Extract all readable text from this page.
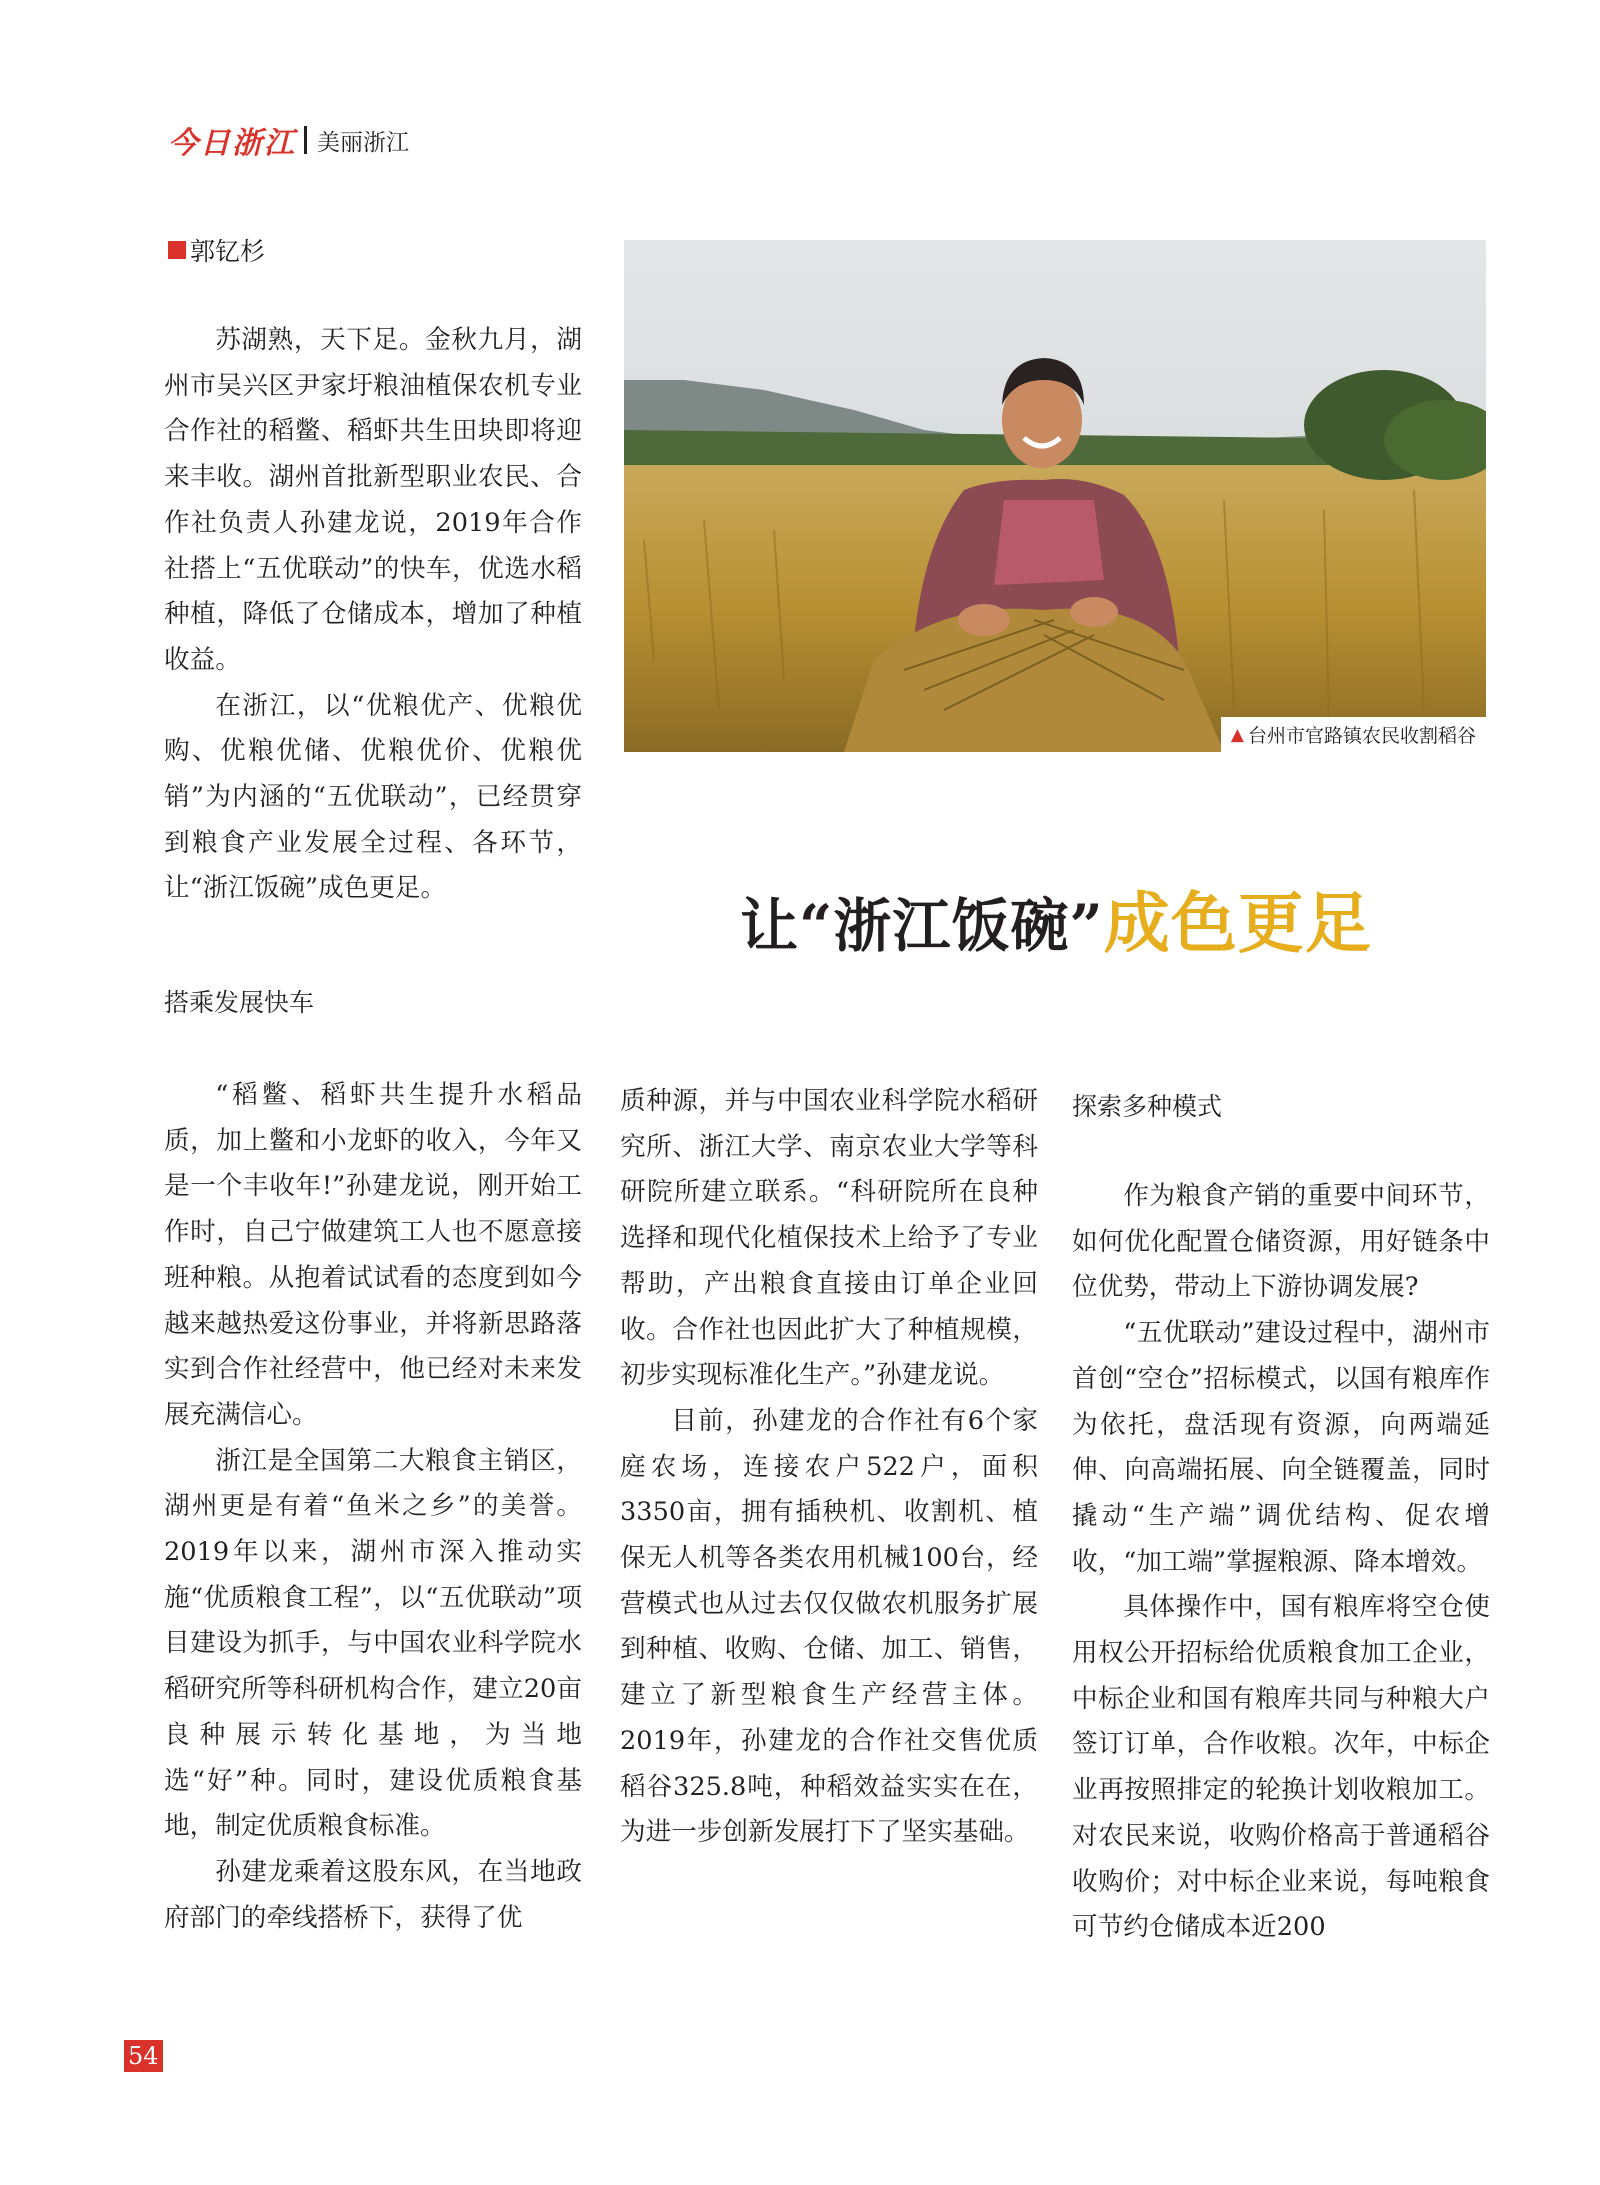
今日浙江 美丽浙江
郭钇杉
▲ 台州市官路镇农民收割稻谷
让“浙江饭碗”成色更足

苏湖熟，天下足。金秋九月，湖州市吴兴区尹家圩粮油植保农机专业合作社的稻鳖、稻虾共生田块即将迎来丰收。湖州首批新型职业农民、合作社负责人孙建龙说，2019年合作社搭上“五优联动”的快车，优选水稻种植，降低了仓储成本，增加了种植收益。

在浙江，以“优粮优产、优粮优购、优粮优储、优粮优价、优粮优销”为内涵的“五优联动”，已经贯穿到粮食产业发展全过程、各环节，让“浙江饭碗”成色更足。

搭乘发展快车

“稻鳖、稻虾共生提升水稻品质，加上鳖和小龙虾的收入，今年又是一个丰收年!”孙建龙说，刚开始工作时，自己宁做建筑工人也不愿意接班种粮。从抱着试试看的态度到如今越来越热爱这份事业，并将新思路落实到合作社经营中，他已经对未来发展充满信心。

浙江是全国第二大粮食主销区，湖州更是有着“鱼米之乡”的美誉。2019年以来，湖州市深入推动实施“优质粮食工程”，以“五优联动”项目建设为抓手，与中国农业科学院水稻研究所等科研机构合作，建立20亩良种展示转化基地，为当地选“好”种。同时，建设优质粮食基地，制定优质粮食标准。

孙建龙乘着这股东风，在当地政府部门的牵线搭桥下，获得了优

质种源，并与中国农业科学院水稻研究所、浙江大学、南京农业大学等科研院所建立联系。“科研院所在良种选择和现代化植保技术上给予了专业帮助，产出粮食直接由订单企业回收。合作社也因此扩大了种植规模，初步实现标准化生产。”孙建龙说。

目前，孙建龙的合作社有6个家庭农场，连接农户522户，面积3350亩，拥有插秧机、收割机、植保无人机等各类农用机械100台，经营模式也从过去仅仅做农机服务扩展到种植、收购、仓储、加工、销售，建立了新型粮食生产经营主体。2019年，孙建龙的合作社交售优质稻谷325.8吨，种稻效益实实在在，为进一步创新发展打下了坚实基础。

探索多种模式

作为粮食产销的重要中间环节，如何优化配置仓储资源，用好链条中位优势，带动上下游协调发展?

“五优联动”建设过程中，湖州市首创“空仓”招标模式，以国有粮库作为依托，盘活现有资源，向两端延伸、向高端拓展、向全链覆盖，同时撬动“生产端”调优结构、促农增收，“加工端”掌握粮源、降本增效。

具体操作中，国有粮库将空仓使用权公开招标给优质粮食加工企业，中标企业和国有粮库共同与种粮大户签订订单，合作收粮。次年，中标企业再按照排定的轮换计划收粮加工。对农民来说，收购价格高于普通稻谷收购价；对中标企业来说，每吨粮食可节约仓储成本近200

54
